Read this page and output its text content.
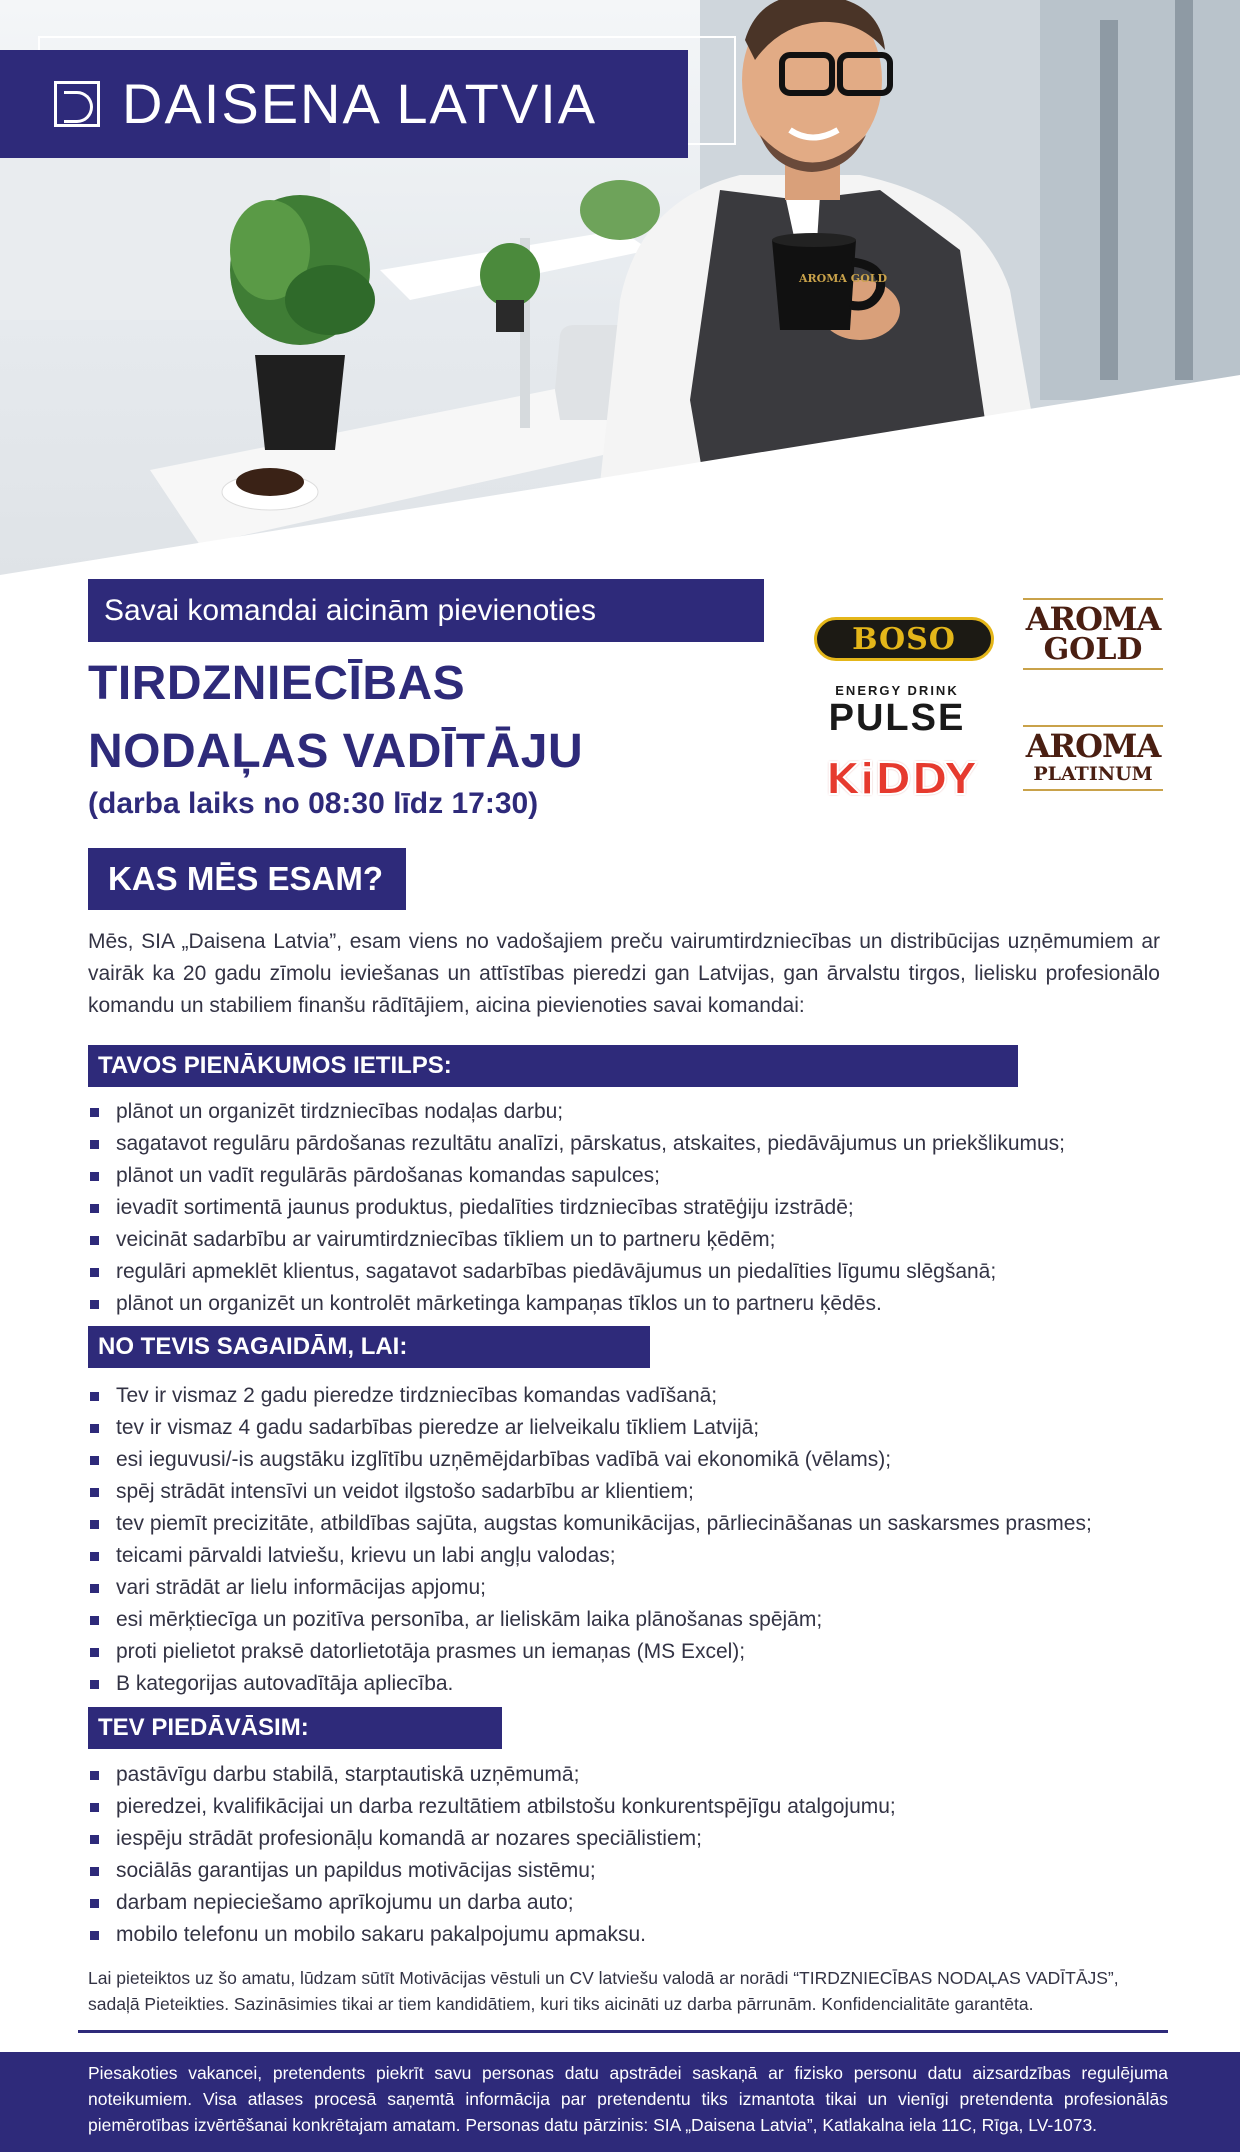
AROMA GOLD
DAISENA LATVIA
Savai komandai aicinām pievienoties
TIRDZNIECĪBAS
NODAĻAS VADĪTĀJU
(darba laiks no 08:30 līdz 17:30)
BOSO
ENERGY DRINK
PULSE
KiDDY
AROMA
GOLD
AROMA
PLATINUM
KAS MĒS ESAM?

Mēs, SIA „Daisena Latvia”, esam viens no vadošajiem preču vairumtirdzniecības un distribūcijas uzņēmumiem ar vairāk ka 20 gadu zīmolu ieviešanas un attīstības pieredzi gan Latvijas, gan ārvalstu tirgos, lielisku profesionālo komandu un stabiliem finanšu rādītājiem, aicina pievienoties savai komandai:

TAVOS PIENĀKUMOS IETILPS:
plānot un organizēt tirdzniecības nodaļas darbu;
sagatavot regulāru pārdošanas rezultātu analīzi, pārskatus, atskaites, piedāvājumus un priekšlikumus;
plānot un vadīt regulārās pārdošanas komandas sapulces;
ievadīt sortimentā jaunus produktus, piedalīties tirdzniecības stratēģiju izstrādē;
veicināt sadarbību ar vairumtirdzniecības tīkliem un to partneru ķēdēm;
regulāri apmeklēt klientus, sagatavot sadarbības piedāvājumus un piedalīties līgumu slēgšanā;
plānot un organizēt un kontrolēt mārketinga kampaņas tīklos un to partneru ķēdēs.
NO TEVIS SAGAIDĀM, LAI:
Tev ir vismaz 2 gadu pieredze tirdzniecības komandas vadīšanā;
tev ir vismaz 4 gadu sadarbības pieredze ar lielveikalu tīkliem Latvijā;
esi ieguvusi/-is augstāku izglītību uzņēmējdarbības vadībā vai ekonomikā (vēlams);
spēj strādāt intensīvi un veidot ilgstošo sadarbību ar klientiem;
tev piemīt precizitāte, atbildības sajūta, augstas komunikācijas, pārliecināšanas un saskarsmes prasmes;
teicami pārvaldi latviešu, krievu un labi angļu valodas;
vari strādāt ar lielu informācijas apjomu;
esi mērķtiecīga un pozitīva personība, ar lieliskām laika plānošanas spējām;
proti pielietot praksē datorlietotāja prasmes un iemaņas (MS Excel);
B kategorijas autovadītāja apliecība.
TEV PIEDĀVĀSIM:
pastāvīgu darbu stabilā, starptautiskā uzņēmumā;
pieredzei, kvalifikācijai un darba rezultātiem atbilstošu konkurentspējīgu atalgojumu;
iespēju strādāt profesionāļu komandā ar nozares speciālistiem;
sociālās garantijas un papildus motivācijas sistēmu;
darbam nepieciešamo aprīkojumu un darba auto;
mobilo telefonu un mobilo sakaru pakalpojumu apmaksu.
Lai pieteiktos uz šo amatu, lūdzam sūtīt Motivācijas vēstuli un CV latviešu valodā ar norādi “TIRDZNIECĪBAS NODAĻAS VADĪTĀJS”,
sadaļā Pieteikties. Sazināsimies tikai ar tiem kandidātiem, kuri tiks aicināti uz darba pārrunām. Konfidencialitāte garantēta.

Piesakoties vakancei, pretendents piekrīt savu personas datu apstrādei saskaņā ar fizisko personu datu aizsardzības regulējuma noteikumiem. Visa atlases procesā saņemtā informācija par pretendentu tiks izmantota tikai un vienīgi pretendenta profesionālās piemērotības izvērtēšanai konkrētajam amatam. Personas datu pārzinis: SIA „Daisena Latvia”, Katlakalna iela 11C, Rīga, LV-1073.
